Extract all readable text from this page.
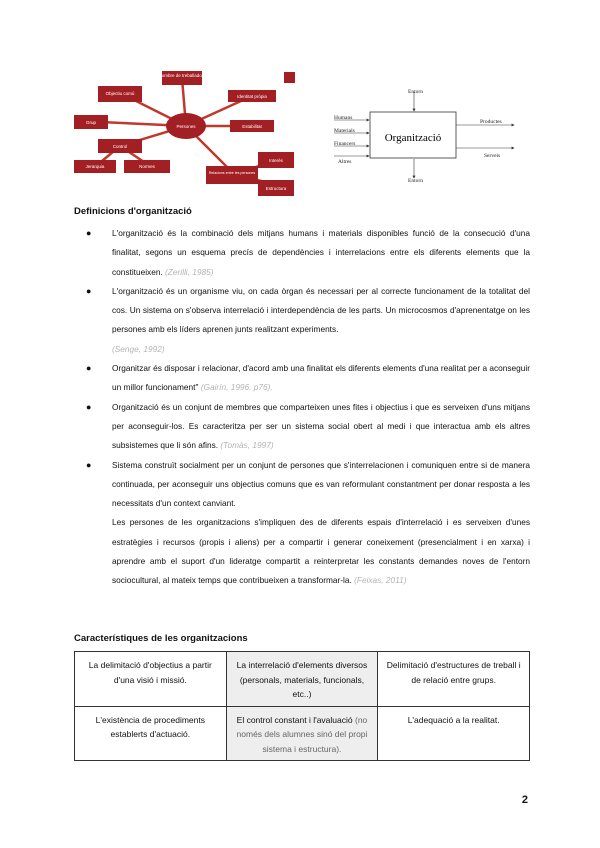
Persones
Nombre de treballadors
Objectiu comú
Identitat pròpia
Grup
Estabilitat
Control
Jerarquia	Normes
Relacions entre les persones
Interès
Estructura
Organització
Humans
Materials
Financers
Altres
Productes
Serveis
Entorn
Entorn
Definicions d'organització
● L'organització és la combinació dels mitjans humans i materials disponibles funció de la consecució d'una finalitat, segons un esquema precís de dependències i interrelacions entre els diferents elements que la constitueixen. (Zerilli, 1985)
● L'organització és un organisme viu, on cada òrgan és necessari per al correcte funcionament de la totalitat del cos. Un sistema on s'observa interrelació i interdependència de les parts. Un microcosmos d'aprenentatge on les persones amb els líders aprenen junts realitzant experiments.
(Senge, 1992)
● Organitzar és disposar i relacionar, d'acord amb una finalitat els diferents elements d'una realitat per a aconseguir un millor funcionament" (Gairín, 1996. p76).
● Organització és un conjunt de membres que comparteixen unes fites i objectius i que es serveixen d'uns mitjans per aconseguir-los. Es caracteritza per ser un sistema social obert al medi i que interactua amb els altres subsistemes que li són afins. (Tomàs, 1997)
● Sistema construït socialment per un conjunt de persones que s'interrelacionen i comuniquen entre si de manera continuada, per aconseguir uns objectius comuns que es van reformulant constantment per donar resposta a les necessitats d'un context canviant.
Les persones de les organitzacions s'impliquen des de diferents espais d'interrelació i es serveixen d'unes estratègies i recursos (propis i aliens) per a compartir i generar coneixement (presencialment i en xarxa) i aprendre amb el suport d'un lideratge compartit a reinterpretar les constants demandes noves de l'entorn sociocultural, al mateix temps que contribueixen a transformar-la. (Feixas, 2011)
Característiques de les organitzacions
La delimitació d'objectius a partir d'una visió i missió.	La interrelació d'elements diversos (personals, materials, funcionals, etc..)	Delimitació d'estructures de treball i de relació entre grups.
L'existència de procediments establerts d'actuació.	El control constant i l'avaluació (no només dels alumnes sinó del propi sistema i estructura).	L'adequació a la realitat.
2
